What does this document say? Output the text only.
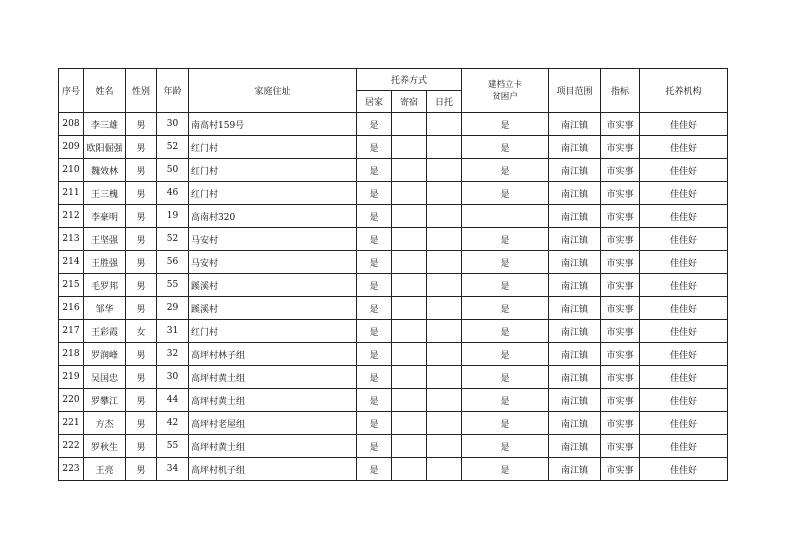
序号	姓名	性别	年龄	家庭住址	托养方式			建档立卡
贫困户	项目范围	指标	托养机构
					居家	寄宿	日托				
208	李三雄	男	30	南高村159号	是			是	南江镇	市实事	佳佳好
209	欧阳倔强	男	52	红门村	是			是	南江镇	市实事	佳佳好
210	魏效林	男	50	红门村	是			是	南江镇	市实事	佳佳好
211	王三槐	男	46	红门村	是			是	南江镇	市实事	佳佳好
212	李豪明	男	19	高南村320	是				南江镇	市实事	佳佳好
213	王坚强	男	52	马安村	是			是	南江镇	市实事	佳佳好
214	王胜强	男	56	马安村	是			是	南江镇	市实事	佳佳好
215	毛罗邦	男	55	蹊溪村	是			是	南江镇	市实事	佳佳好
216	邹华	男	29	蹊溪村	是			是	南江镇	市实事	佳佳好
217	王彩霞	女	31	红门村	是			是	南江镇	市实事	佳佳好
218	罗润峰	男	32	高坪村林子组	是			是	南江镇	市实事	佳佳好
219	吴国忠	男	30	高坪村黄土组	是			是	南江镇	市实事	佳佳好
220	罗攀江	男	44	高坪村黄土组	是			是	南江镇	市实事	佳佳好
221	方杰	男	42	高坪村老屋组	是			是	南江镇	市实事	佳佳好
222	罗秋生	男	55	高坪村黄土组	是			是	南江镇	市实事	佳佳好
223	王亮	男	34	高坪村机子组	是			是	南江镇	市实事	佳佳好
